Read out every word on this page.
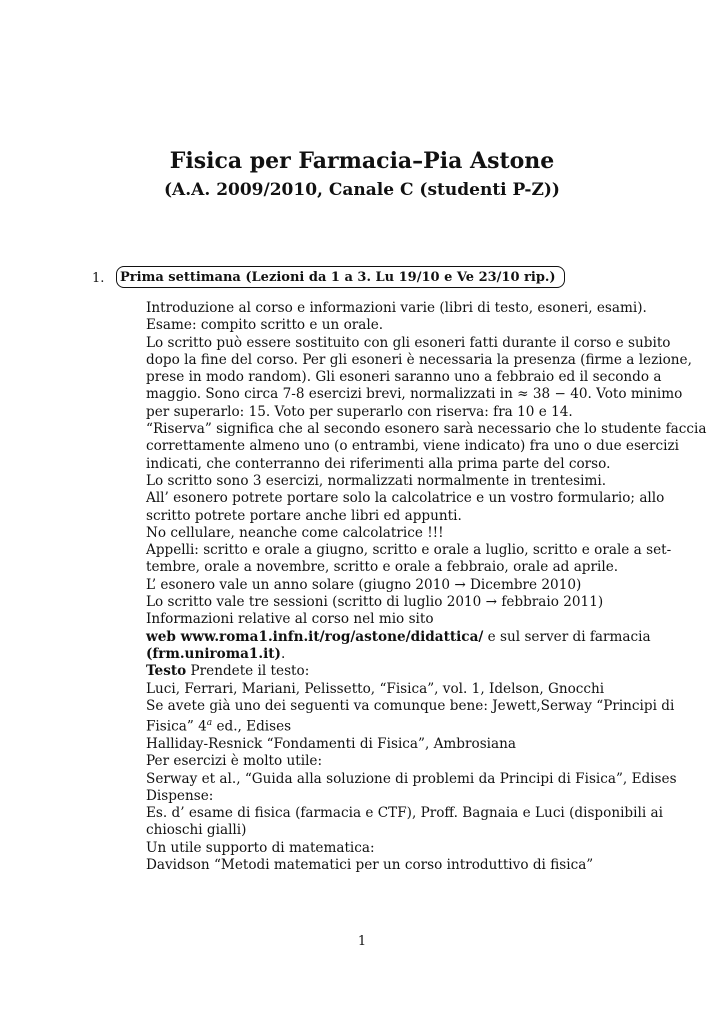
Fisica per Farmacia–Pia Astone
(A.A. 2009/2010, Canale C (studenti P-Z))
1. Prima settimana (Lezioni da 1 a 3. Lu 19/10 e Ve 23/10 rip.)
Introduzione al corso e informazioni varie (libri di testo, esoneri, esami).
Esame: compito scritto e un orale.
Lo scritto può essere sostituito con gli esoneri fatti durante il corso e subito
dopo la fine del corso. Per gli esoneri è necessaria la presenza (firme a lezione,
prese in modo random). Gli esoneri saranno uno a febbraio ed il secondo a
maggio. Sono circa 7-8 esercizi brevi, normalizzati in ≈ 38 − 40. Voto minimo
per superarlo: 15. Voto per superarlo con riserva: fra 10 e 14.
“Riserva” significa che al secondo esonero sarà necessario che lo studente faccia
correttamente almeno uno (o entrambi, viene indicato) fra uno o due esercizi
indicati, che conterranno dei riferimenti alla prima parte del corso.
Lo scritto sono 3 esercizi, normalizzati normalmente in trentesimi.
All’ esonero potrete portare solo la calcolatrice e un vostro formulario; allo
scritto potrete portare anche libri ed appunti.
No cellulare, neanche come calcolatrice !!!
Appelli: scritto e orale a giugno, scritto e orale a luglio, scritto e orale a set-
tembre, orale a novembre, scritto e orale a febbraio, orale ad aprile.
L’ esonero vale un anno solare (giugno 2010 → Dicembre 2010)
Lo scritto vale tre sessioni (scritto di luglio 2010 → febbraio 2011)
Informazioni relative al corso nel mio sito
web www.roma1.infn.it/rog/astone/didattica/ e sul server di farmacia
(frm.uniroma1.it).
Testo Prendete il testo:
Luci, Ferrari, Mariani, Pelissetto, “Fisica”, vol. 1, Idelson, Gnocchi
Se avete già uno dei seguenti va comunque bene: Jewett,Serway “Principi di
Fisica” 4$^a$ ed., Edises
Halliday-Resnick “Fondamenti di Fisica”, Ambrosiana
Per esercizi è molto utile:
Serway et al., “Guida alla soluzione di problemi da Principi di Fisica”, Edises
Dispense:
Es. d’ esame di fisica (farmacia e CTF), Proff. Bagnaia e Luci (disponibili ai
chioschi gialli)
Un utile supporto di matematica:
Davidson “Metodi matematici per un corso introduttivo di fisica”
1
